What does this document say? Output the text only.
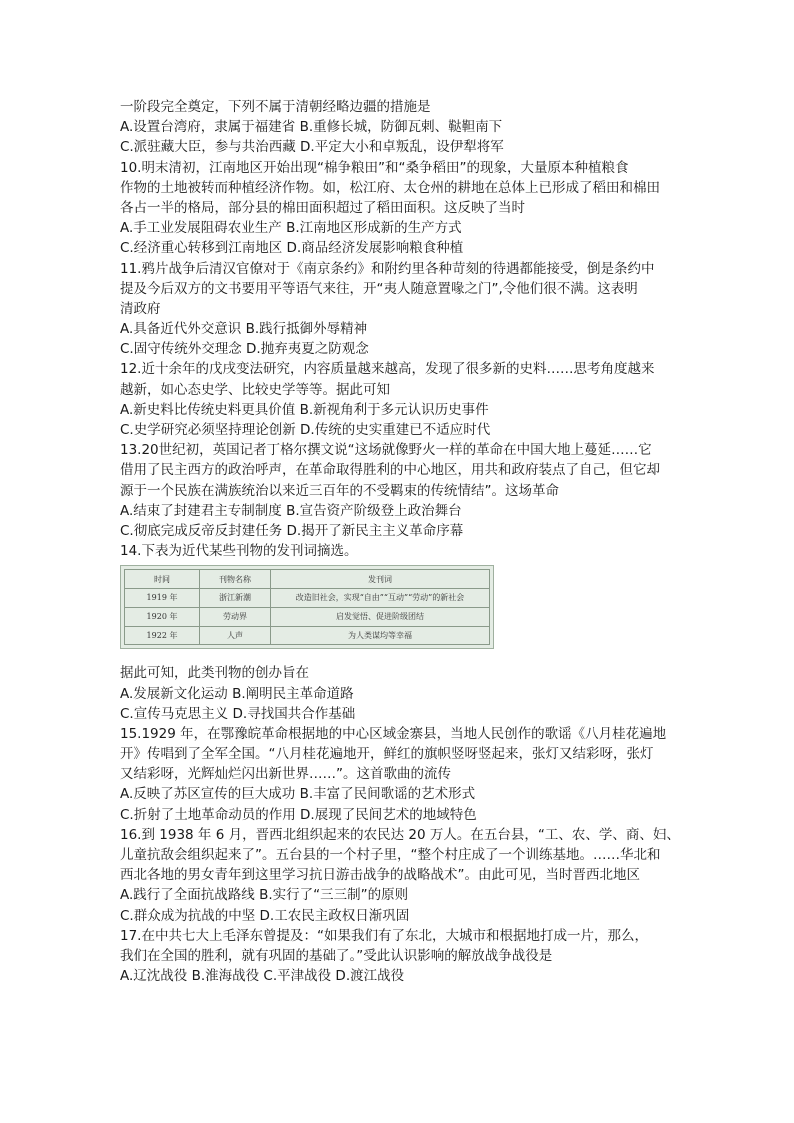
一阶段完全奠定，下列不属于清朝经略边疆的措施是
A.设置台湾府，隶属于福建省 B.重修长城，防御瓦剌、鞑靼南下
C.派驻藏大臣，参与共治西藏 D.平定大小和卓叛乱，设伊犁将军
10.明末清初，江南地区开始出现“棉争粮田”和“桑争稻田”的现象，大量原本种植粮食
作物的土地被转而种植经济作物。如，松江府、太仓州的耕地在总体上已形成了稻田和棉田
各占一半的格局，部分县的棉田面积超过了稻田面积。这反映了当时
A.手工业发展阻碍农业生产 B.江南地区形成新的生产方式
C.经济重心转移到江南地区 D.商品经济发展影响粮食种植
11.鸦片战争后清汉官僚对于《南京条约》和附约里各种苛刻的待遇都能接受，倒是条约中
提及今后双方的文书要用平等语气来往，开“夷人随意置喙之门”,令他们很不满。这表明
清政府
A.具备近代外交意识 B.践行抵御外辱精神
C.固守传统外交理念 D.抛弃夷夏之防观念
12.近十余年的戊戌变法研究，内容质量越来越高，发现了很多新的史料……思考角度越来
越新，如心态史学、比较史学等等。据此可知
A.新史料比传统史料更具价值 B.新视角利于多元认识历史事件
C.史学研究必须坚持理论创新 D.传统的史实重建已不适应时代
13.20世纪初，英国记者丁格尔撰文说“这场就像野火一样的革命在中国大地上蔓延……它
借用了民主西方的政治呼声，在革命取得胜利的中心地区，用共和政府装点了自己，但它却
源于一个民族在满族统治以来近三百年的不受羁束的传统情结”。这场革命
A.结束了封建君主专制制度 B.宣告资产阶级登上政治舞台
C.彻底完成反帝反封建任务 D.揭开了新民主主义革命序幕
14.下表为近代某些刊物的发刊词摘选。
时间	刊物名称	发刊词
1919 年	浙江新潮	改造旧社会，实现“自由”“互动”“劳动”的新社会
1920 年	劳动界	启发觉悟、促进阶级团结
1922 年	人声	为人类谋均等幸福
据此可知，此类刊物的创办旨在
A.发展新文化运动 B.阐明民主革命道路
C.宣传马克思主义 D.寻找国共合作基础
15.1929 年，在鄂豫皖革命根据地的中心区域金寨县，当地人民创作的歌谣《八月桂花遍地
开》传唱到了全军全国。“八月桂花遍地开，鲜红的旗帜竖呀竖起来，张灯又结彩呀，张灯
又结彩呀，光辉灿烂闪出新世界……”。这首歌曲的流传
A.反映了苏区宣传的巨大成功 B.丰富了民间歌谣的艺术形式
C.折射了土地革命动员的作用 D.展现了民间艺术的地域特色
16.到 1938 年 6 月，晋西北组织起来的农民达 20 万人。在五台县，“工、农、学、商、妇、
儿童抗敌会组织起来了”。五台县的一个村子里，“整个村庄成了一个训练基地。……华北和
西北各地的男女青年到这里学习抗日游击战争的战略战术”。由此可见，当时晋西北地区
A.践行了全面抗战路线 B.实行了“三三制”的原则
C.群众成为抗战的中坚 D.工农民主政权日渐巩固
17.在中共七大上毛泽东曾提及：“如果我们有了东北，大城市和根据地打成一片，那么，
我们在全国的胜利，就有巩固的基础了。”受此认识影响的解放战争战役是
A.辽沈战役 B.淮海战役 C.平津战役 D.渡江战役
